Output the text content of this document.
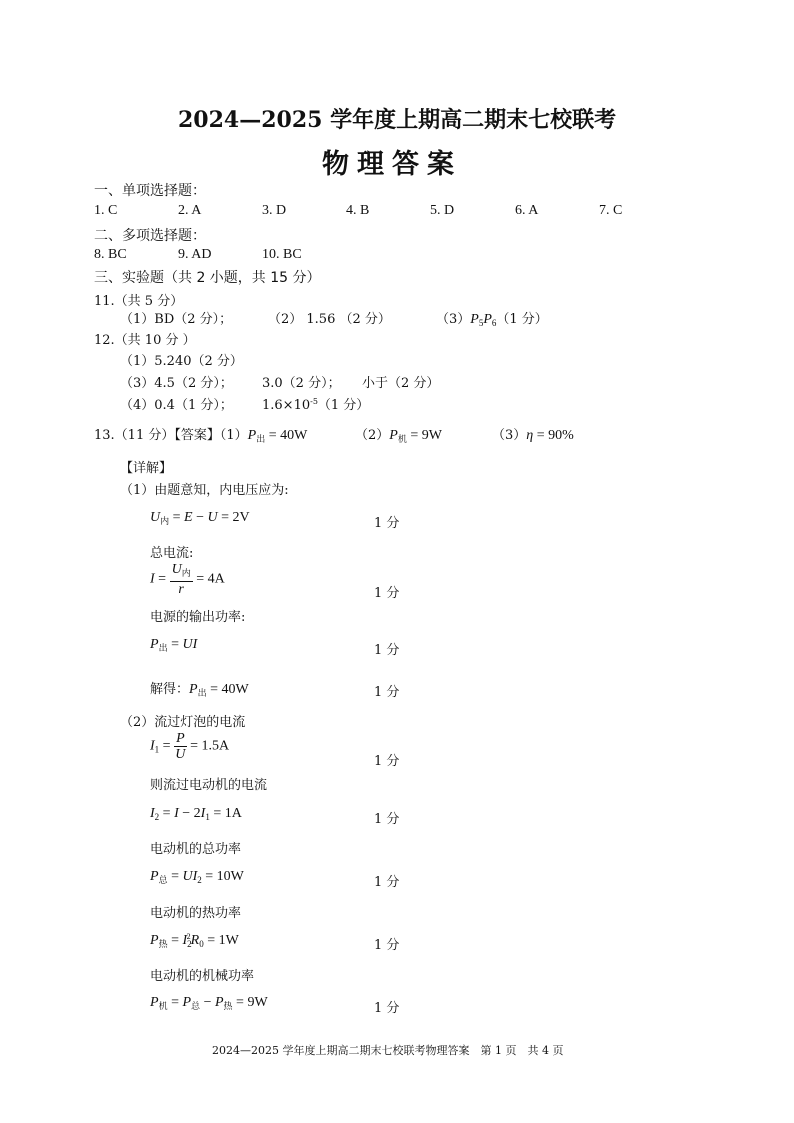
2024—2025 学年度上期高二期末七校联考
物理答案
一、单项选择题：
1. C	2. A	3. D	4. B	5. D	6. A	7. C
二、多项选择题：
8. BC	9. AD	10. BC
三、实验题（共 2 小题，共 15 分）
11.（共 5 分）
（1）BD（2 分）；	（2） 1.56 （2 分）	$(3)P_5P_6(1$ 分）
12.（共 10 分 ）
（1）5.240（2 分）
（3）4.5（2 分）； 3.0（2 分）； 小于（2 分）
（4）0.4（1 分）； $1.6\times 10^{-5}(1$ 分）
13.（11 分）【答案】$(1)P_出 = 40W$	$(2)P_机 = 9W$	（3）η = 90%
【详解】
（1）由题意知，内电压应为:
$U_内 = E - U = 2V$	1 分
总电流:
$I = \frac{U_内}{r} = 4A$
1 分
电源的输出功率:
$P_出$ = UI	1 分
解得：$P_出 = 40W$	1 分
（2）流过灯泡的电流
$I_1 = \frac{P}{U} = 1.5A$
1 分
则流过电动机的电流
$I_2 = I - 2I_1 = 1A$	1 分
电动机的总功率
$P_总 = UI_2 = 10W$	1 分
电动机的热功率
$P_热 = I_2^2R_0 = 1W$	1 分
电动机的机械功率
$P_机 = P_总 - P_热 = 9W$	1 分
2024—2025 学年度上期高二期末七校联考物理答案　第 1 页　共 4 页
